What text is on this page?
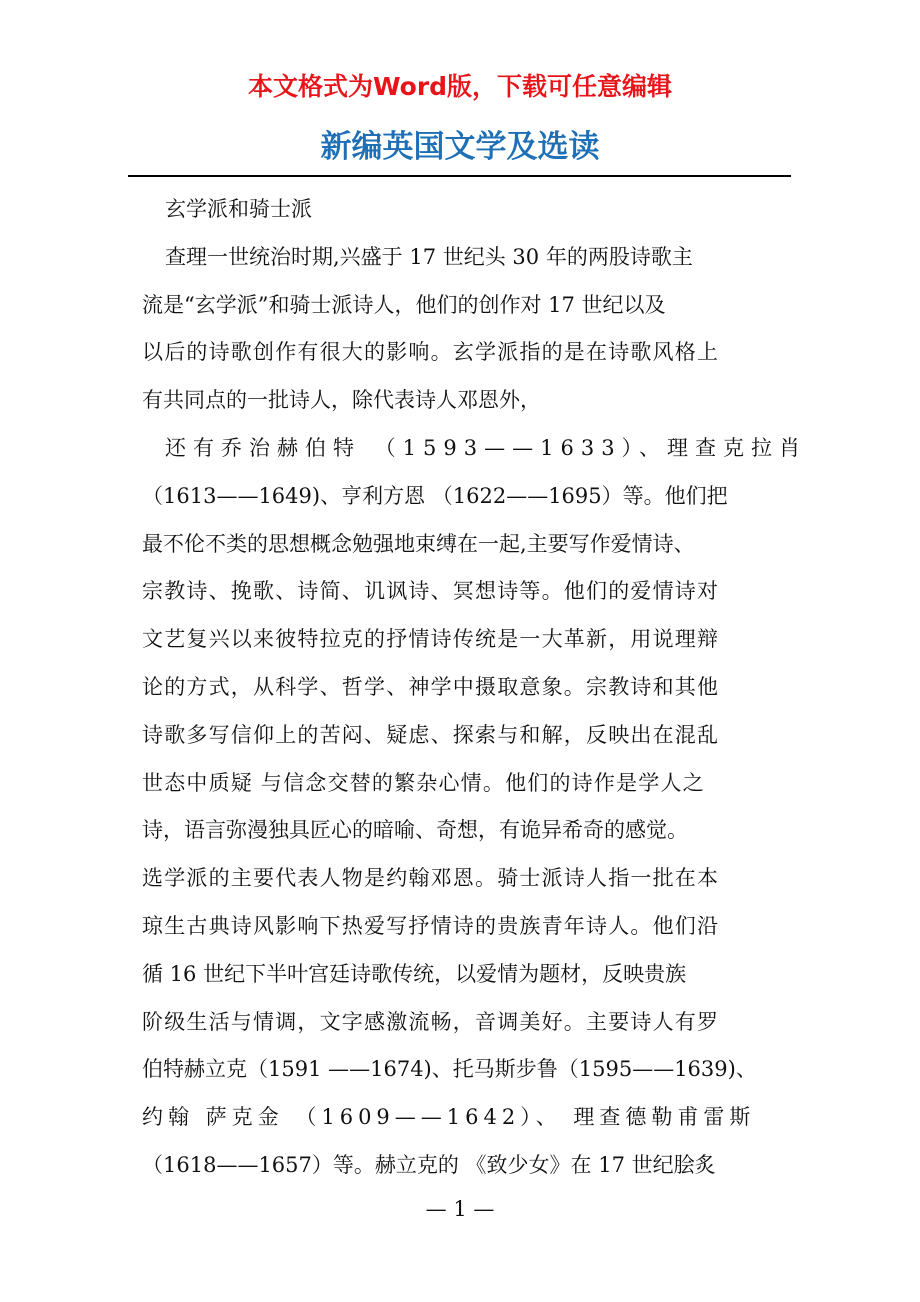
本文格式为Word版，下载可任意编辑
新编英国文学及选读
玄学派和骑士派
查理一世统治时期,兴盛于 17 世纪头 30 年的两股诗歌主
流是“玄学派”和骑士派诗人，他们的创作对 17 世纪以及
以后的诗歌创作有很大的影响。玄学派指的是在诗歌风格上
有共同点的一批诗人，除代表诗人邓恩外，
还有乔治赫伯特 （1593——1633）、理查克拉肖
（1613——1649)、亨利方恩 （1622——1695）等。他们把
最不伦不类的思想概念勉强地束缚在一起,主要写作爱情诗、
宗教诗、挽歌、诗简、讥讽诗、冥想诗等。他们的爱情诗对
文艺复兴以来彼特拉克的抒情诗传统是一大革新，用说理辩
论的方式，从科学、哲学、神学中摄取意象。宗教诗和其他
诗歌多写信仰上的苦闷、疑虑、探索与和解，反映出在混乱
世态中质疑 与信念交替的繁杂心情。他们的诗作是学人之
诗，语言弥漫独具匠心的暗喻、奇想，有诡异希奇的感觉。
选学派的主要代表人物是约翰邓恩。骑士派诗人指一批在本
琼生古典诗风影响下热爱写抒情诗的贵族青年诗人。他们沿
循 16 世纪下半叶宫廷诗歌传统，以爱情为题材，反映贵族
阶级生活与情调，文字感激流畅，音调美好。主要诗人有罗
伯特赫立克（1591 ——1674)、托马斯步鲁（1595——1639)、
约翰 萨克金 （1609——1642）、 理查德勒甫雷斯
（1618——1657）等。赫立克的 《致少女》在 17 世纪脍炙
— 1 —
